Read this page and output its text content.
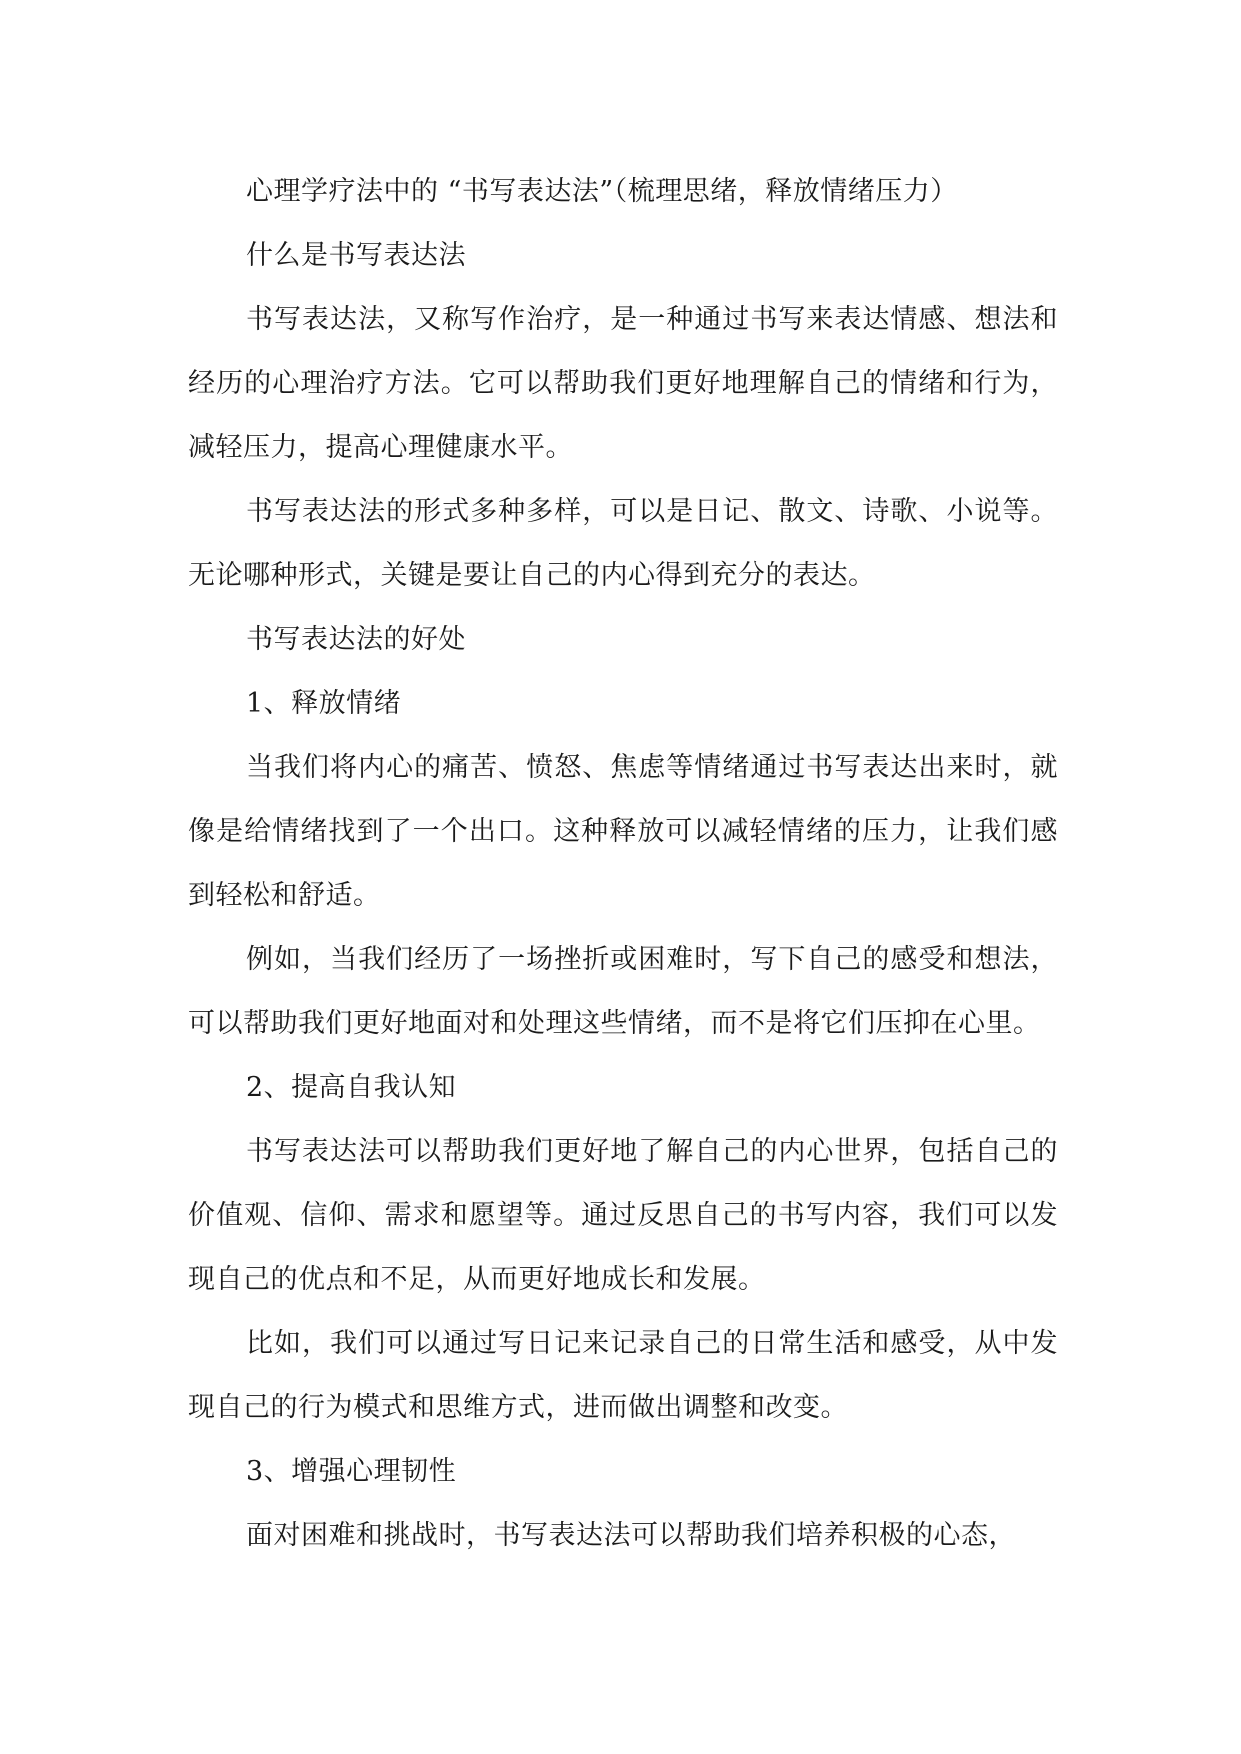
心理学疗法中的 “书写表达法”（梳理思绪，释放情绪压力）

什么是书写表达法

书写表达法，又称写作治疗，是一种通过书写来表达情感、想法和经历的心理治疗方法。它可以帮助我们更好地理解自己的情绪和行为，减轻压力，提高心理健康水平。

书写表达法的形式多种多样，可以是日记、散文、诗歌、小说等。无论哪种形式，关键是要让自己的内心得到充分的表达。

书写表达法的好处

1、释放情绪

当我们将内心的痛苦、愤怒、焦虑等情绪通过书写表达出来时，就像是给情绪找到了一个出口。这种释放可以减轻情绪的压力，让我们感到轻松和舒适。

例如，当我们经历了一场挫折或困难时，写下自己的感受和想法，可以帮助我们更好地面对和处理这些情绪，而不是将它们压抑在心里。

2、提高自我认知

书写表达法可以帮助我们更好地了解自己的内心世界，包括自己的价值观、信仰、需求和愿望等。通过反思自己的书写内容，我们可以发现自己的优点和不足，从而更好地成长和发展。

比如，我们可以通过写日记来记录自己的日常生活和感受，从中发现自己的行为模式和思维方式，进而做出调整和改变。

3、增强心理韧性

面对困难和挑战时，书写表达法可以帮助我们培养积极的心态，
